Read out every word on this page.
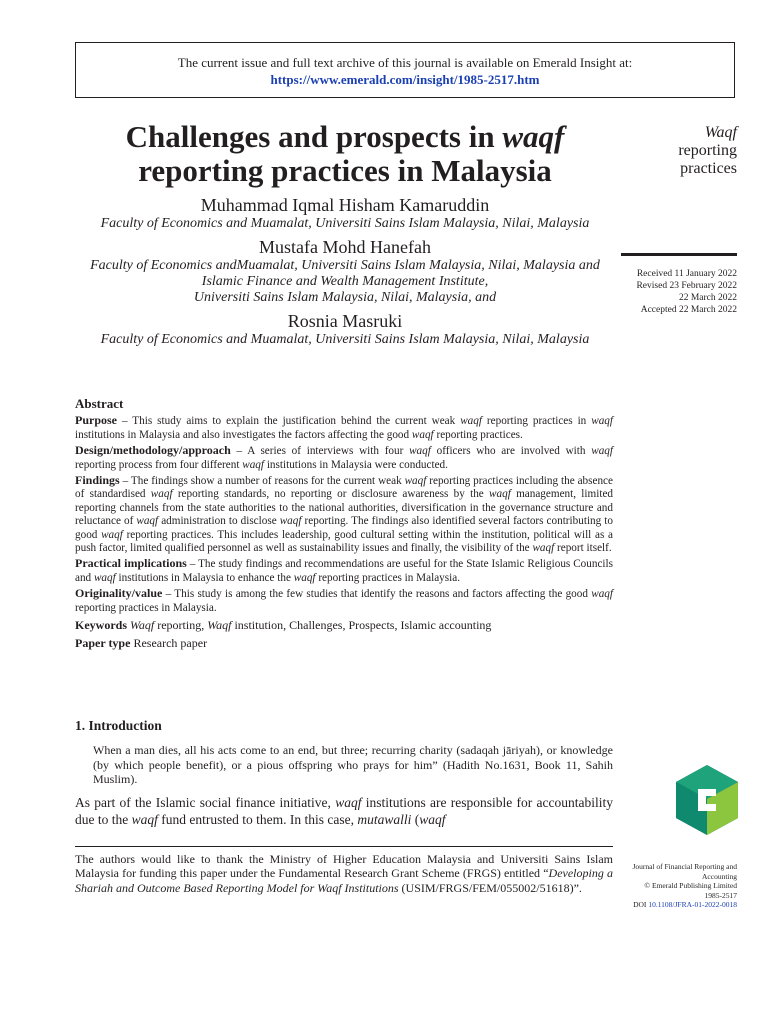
The current issue and full text archive of this journal is available on Emerald Insight at:
https://www.emerald.com/insight/1985-2517.htm
Challenges and prospects in waqf reporting practices in Malaysia
Muhammad Iqmal Hisham Kamaruddin
Faculty of Economics and Muamalat, Universiti Sains Islam Malaysia, Nilai, Malaysia
Mustafa Mohd Hanefah
Faculty of Economics andMuamalat, Universiti Sains Islam Malaysia, Nilai, Malaysia and
Islamic Finance and Wealth Management Institute,
Universiti Sains Islam Malaysia, Nilai, Malaysia, and
Rosnia Masruki
Faculty of Economics and Muamalat, Universiti Sains Islam Malaysia, Nilai, Malaysia
Waqf
reporting
practices
Received 11 January 2022
Revised 23 February 2022
22 March 2022
Accepted 22 March 2022
Abstract

Purpose – This study aims to explain the justification behind the current weak waqf reporting practices in waqf institutions in Malaysia and also investigates the factors affecting the good waqf reporting practices.

Design/methodology/approach – A series of interviews with four waqf officers who are involved with waqf reporting process from four different waqf institutions in Malaysia were conducted.

Findings – The findings show a number of reasons for the current weak waqf reporting practices including the absence of standardised waqf reporting standards, no reporting or disclosure awareness by the waqf management, limited reporting channels from the state authorities to the national authorities, diversification in the governance structure and reluctance of waqf administration to disclose waqf reporting. The findings also identified several factors contributing to good waqf reporting practices. This includes leadership, good cultural setting within the institution, political will as a push factor, limited qualified personnel as well as sustainability issues and finally, the visibility of the waqf report itself.

Practical implications – The study findings and recommendations are useful for the State Islamic Religious Councils and waqf institutions in Malaysia to enhance the waqf reporting practices in Malaysia.

Originality/value – This study is among the few studies that identify the reasons and factors affecting the good waqf reporting practices in Malaysia.

Keywords Waqf reporting, Waqf institution, Challenges, Prospects, Islamic accounting

Paper type Research paper

1. Introduction
When a man dies, all his acts come to an end, but three; recurring charity (sadaqah jāriyah), or knowledge (by which people benefit), or a pious offspring who prays for him” (Hadith No.1631, Book 11, Sahih Muslim).
As part of the Islamic social finance initiative, waqf institutions are responsible for accountability due to the waqf fund entrusted to them. In this case, mutawalli (waqf
The authors would like to thank the Ministry of Higher Education Malaysia and Universiti Sains Islam Malaysia for funding this paper under the Fundamental Research Grant Scheme (FRGS) entitled “Developing a Shariah and Outcome Based Reporting Model for Waqf Institutions (USIM/FRGS/FEM/055002/51618)”.
Journal of Financial Reporting and Accounting
© Emerald Publishing Limited
1985-2517
DOI 10.1108/JFRA-01-2022-0018
